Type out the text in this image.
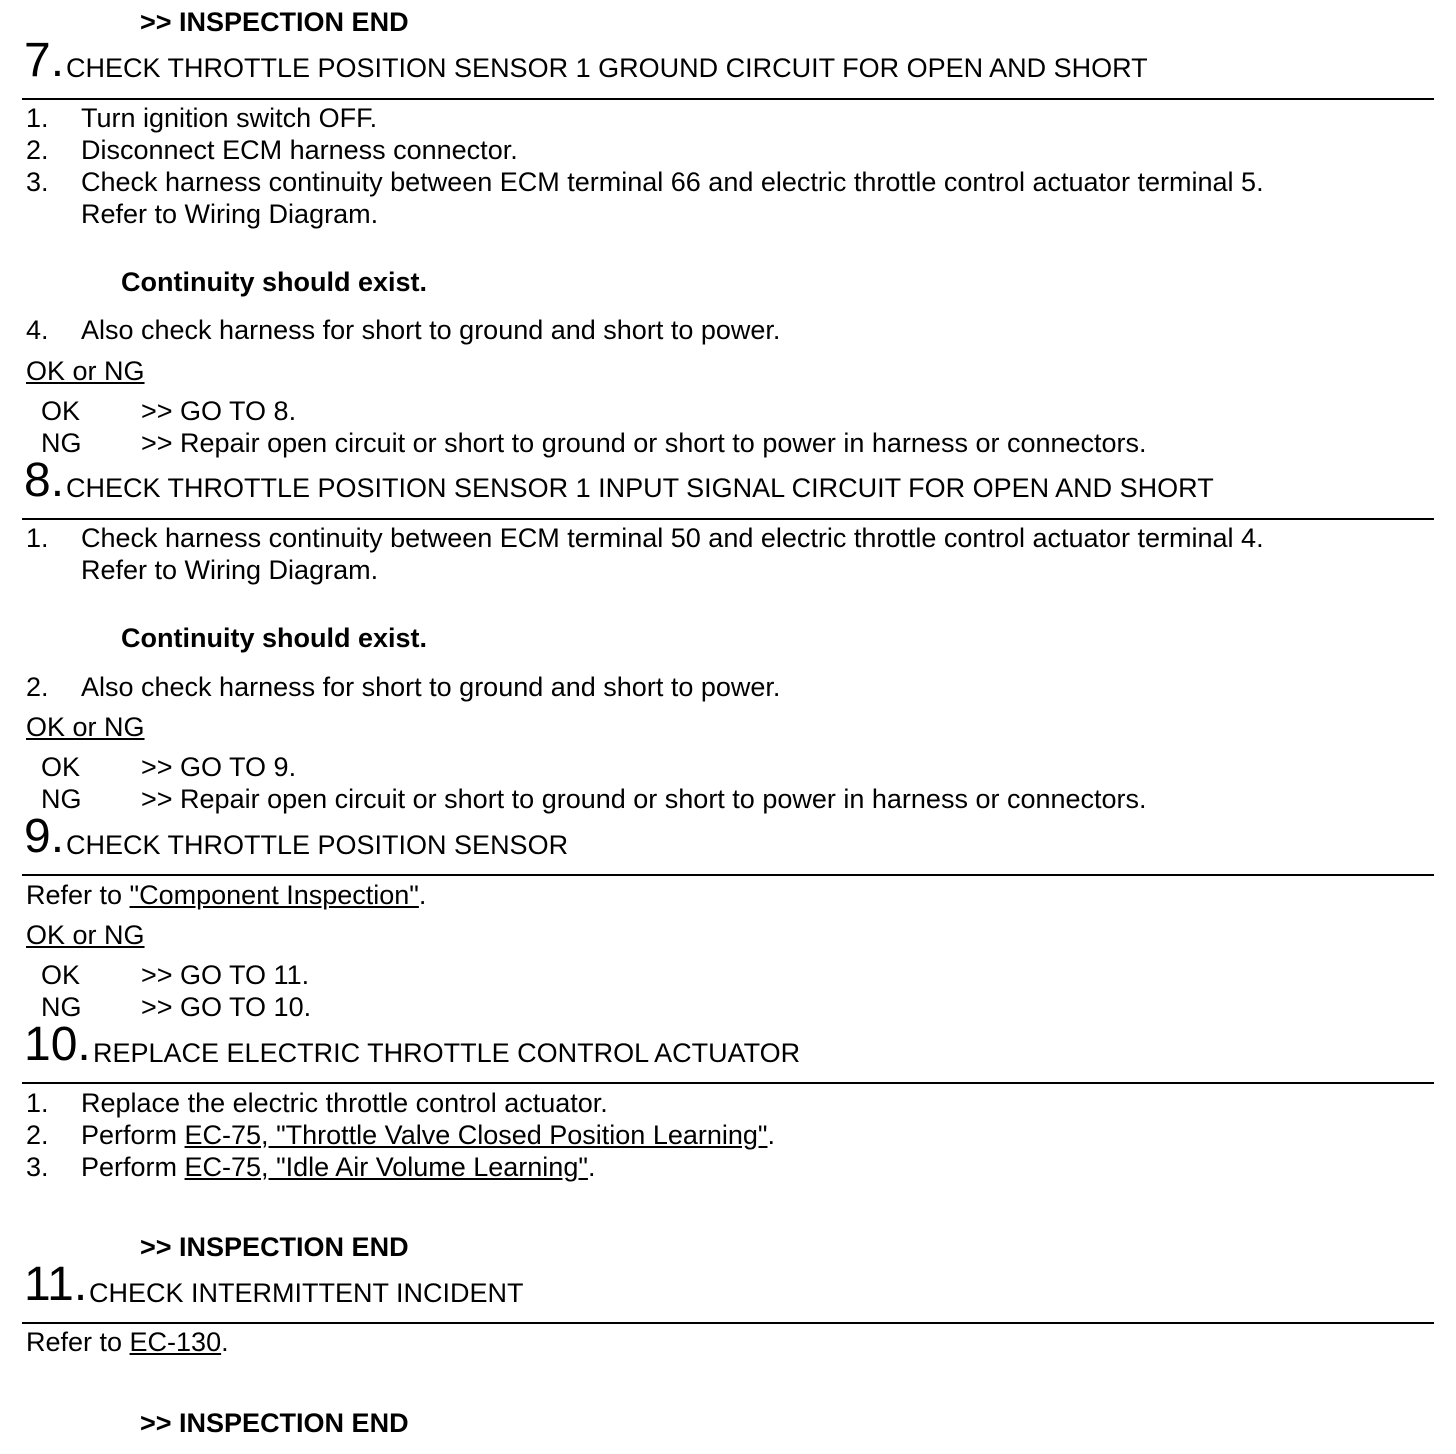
>> INSPECTION END
7. CHECK THROTTLE POSITION SENSOR 1 GROUND CIRCUIT FOR OPEN AND SHORT
1. Turn ignition switch OFF.
2. Disconnect ECM harness connector.
3. Check harness continuity between ECM terminal 66 and electric throttle control actuator terminal 5.
Refer to Wiring Diagram.
Continuity should exist.
4. Also check harness for short to ground and short to power.
OK or NG
OK >> GO TO 8.
NG >> Repair open circuit or short to ground or short to power in harness or connectors.
8. CHECK THROTTLE POSITION SENSOR 1 INPUT SIGNAL CIRCUIT FOR OPEN AND SHORT
1. Check harness continuity between ECM terminal 50 and electric throttle control actuator terminal 4.
Refer to Wiring Diagram.
Continuity should exist.
2. Also check harness for short to ground and short to power.
OK or NG
OK >> GO TO 9.
NG >> Repair open circuit or short to ground or short to power in harness or connectors.
9. CHECK THROTTLE POSITION SENSOR
Refer to "Component Inspection".
OK or NG
OK >> GO TO 11.
NG >> GO TO 10.
10. REPLACE ELECTRIC THROTTLE CONTROL ACTUATOR
1. Replace the electric throttle control actuator.
2. Perform EC-75, "Throttle Valve Closed Position Learning".
3. Perform EC-75, "Idle Air Volume Learning".
>> INSPECTION END
11. CHECK INTERMITTENT INCIDENT
Refer to EC-130.
>> INSPECTION END
